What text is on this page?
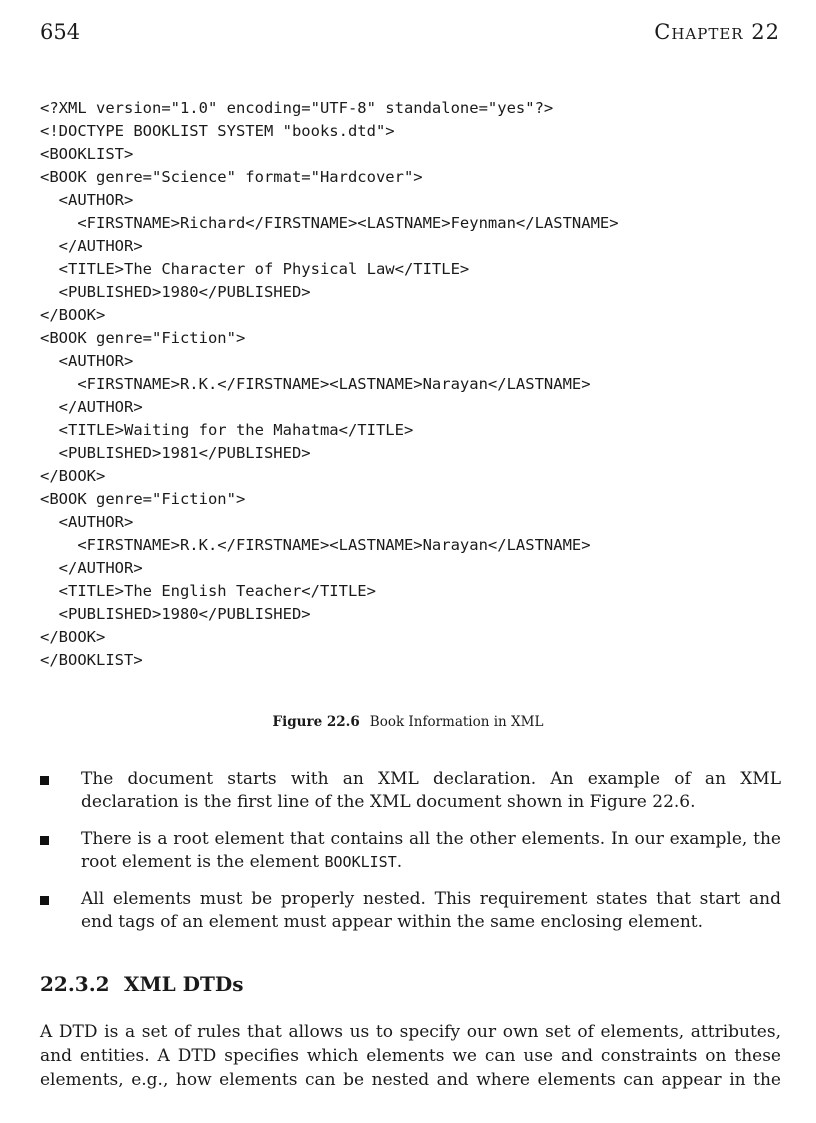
654	Chapter 22
<?XML version="1.0" encoding="UTF-8" standalone="yes"?>
<!DOCTYPE BOOKLIST SYSTEM "books.dtd">
<BOOKLIST>
<BOOK genre="Science" format="Hardcover">
<AUTHOR>
<FIRSTNAME>Richard</FIRSTNAME><LASTNAME>Feynman</LASTNAME>
</AUTHOR>
<TITLE>The Character of Physical Law</TITLE>
<PUBLISHED>1980</PUBLISHED>
</BOOK>
<BOOK genre="Fiction">
<AUTHOR>
<FIRSTNAME>R.K.</FIRSTNAME><LASTNAME>Narayan</LASTNAME>
</AUTHOR>
<TITLE>Waiting for the Mahatma</TITLE>
<PUBLISHED>1981</PUBLISHED>
</BOOK>
<BOOK genre="Fiction">
<AUTHOR>
<FIRSTNAME>R.K.</FIRSTNAME><LASTNAME>Narayan</LASTNAME>
</AUTHOR>
<TITLE>The English Teacher</TITLE>
<PUBLISHED>1980</PUBLISHED>
</BOOK>
</BOOKLIST>
Figure 22.6 Book Information in XML
The document starts with an XML declaration. An example of an XML declaration is the first line of the XML document shown in Figure 22.6.
There is a root element that contains all the other elements. In our example, the root element is the element BOOKLIST.
All elements must be properly nested. This requirement states that start and end tags of an element must appear within the same enclosing element.
22.3.2 XML DTDs

A DTD is a set of rules that allows us to specify our own set of elements, attributes, and entities. A DTD specifies which elements we can use and constraints on these elements, e.g., how elements can be nested and where elements can appear in the
